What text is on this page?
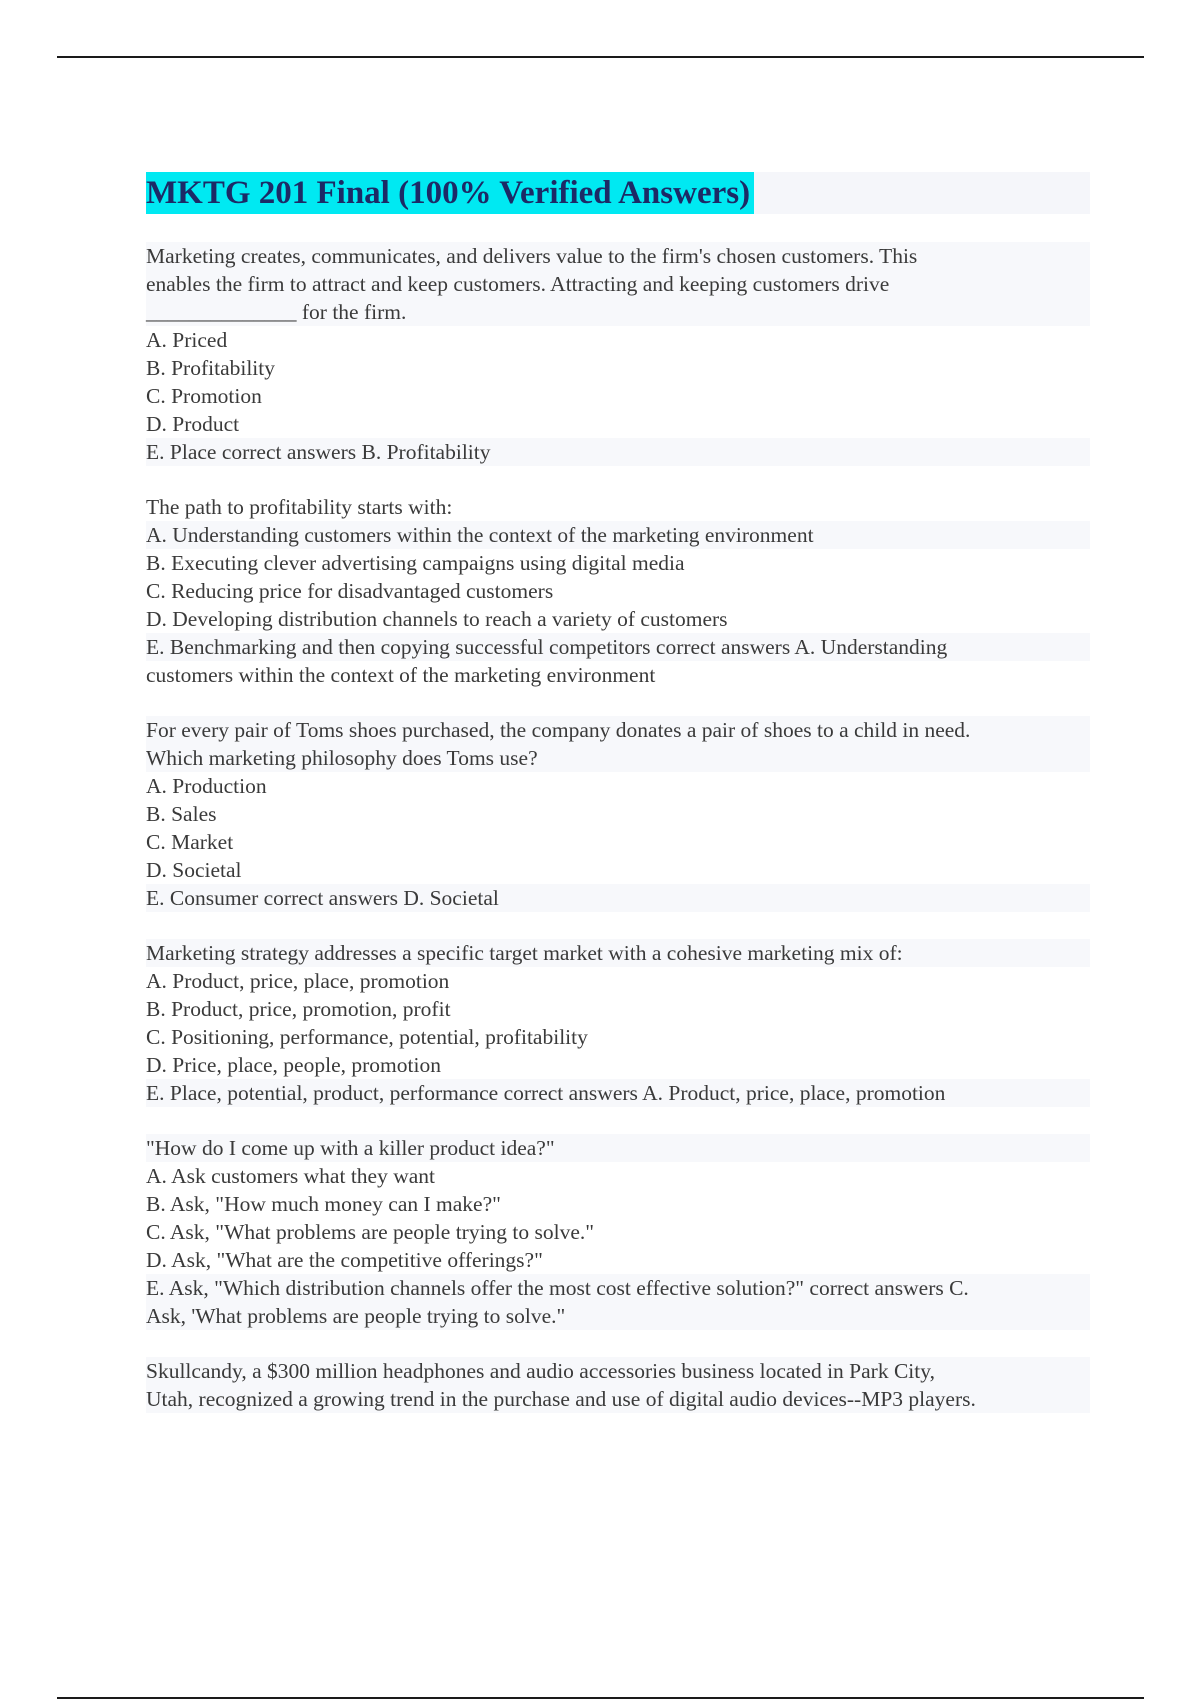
MKTG 201 Final (100% Verified Answers)
Marketing creates, communicates, and delivers value to the firm's chosen customers. This
enables the firm to attract and keep customers. Attracting and keeping customers drive
______________ for the firm.
A. Priced
B. Profitability
C. Promotion
D. Product
E. Place correct answers B. Profitability
The path to profitability starts with:
A. Understanding customers within the context of the marketing environment
B. Executing clever advertising campaigns using digital media
C. Reducing price for disadvantaged customers
D. Developing distribution channels to reach a variety of customers
E. Benchmarking and then copying successful competitors correct answers A. Understanding
customers within the context of the marketing environment
For every pair of Toms shoes purchased, the company donates a pair of shoes to a child in need.
Which marketing philosophy does Toms use?
A. Production
B. Sales
C. Market
D. Societal
E. Consumer correct answers D. Societal
Marketing strategy addresses a specific target market with a cohesive marketing mix of:
A. Product, price, place, promotion
B. Product, price, promotion, profit
C. Positioning, performance, potential, profitability
D. Price, place, people, promotion
E. Place, potential, product, performance correct answers A. Product, price, place, promotion
"How do I come up with a killer product idea?"
A. Ask customers what they want
B. Ask, "How much money can I make?"
C. Ask, "What problems are people trying to solve."
D. Ask, "What are the competitive offerings?"
E. Ask, "Which distribution channels offer the most cost effective solution?" correct answers C.
Ask, 'What problems are people trying to solve."
Skullcandy, a $300 million headphones and audio accessories business located in Park City,
Utah, recognized a growing trend in the purchase and use of digital audio devices--MP3 players.
